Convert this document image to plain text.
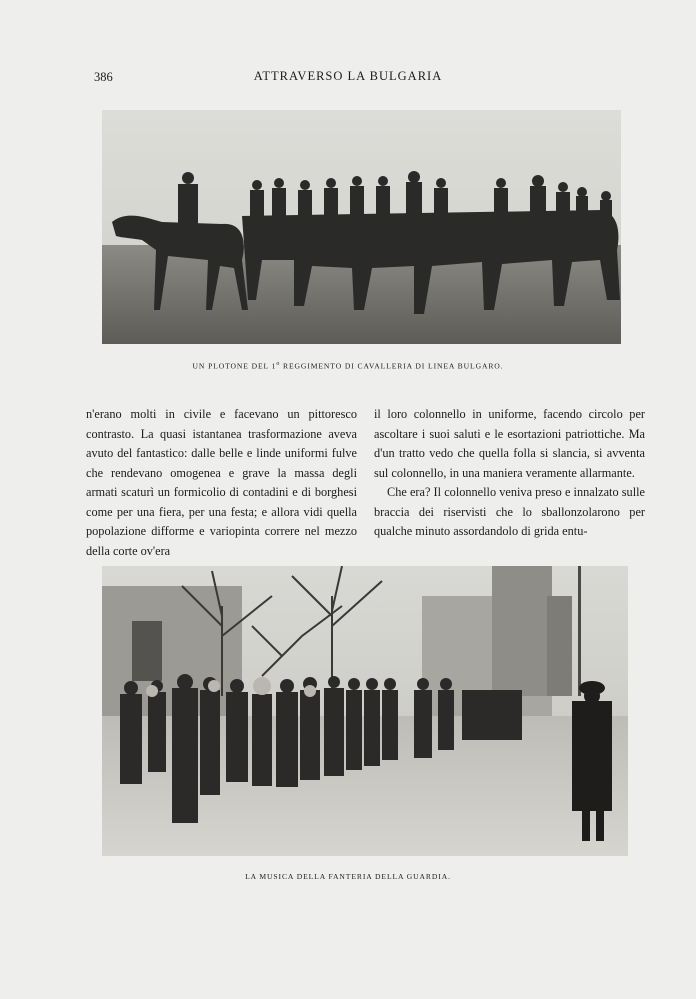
386	ATTRAVERSO LA BULGARIA
UN PLOTONE DEL 1$^o$ REGGIMENTO DI CAVALLERIA DI LINEA BULGARO.

n'erano molti in civile e facevano un pittoresco contrasto. La quasi istantanea trasformazione aveva avuto del fantastico: dalle belle e linde uniformi fulve che rendevano omogenea e grave la massa degli armati scaturì un formicolio di contadini e di borghesi come per una fiera, per una festa; e allora vidi quella popolazione difforme e variopinta correre nel mezzo della corte ov'era

il loro colonnello in uniforme, facendo circolo per ascoltare i suoi saluti e le esortazioni patriottiche. Ma d'un tratto vedo che quella folla si slancia, si avventa sul colonnello, in una maniera veramente allarmante.

Che era? Il colonnello veniva preso e innalzato sulle braccia dei riservisti che lo sballonzolarono per qualche minuto assordandolo di grida entu-

LA MUSICA DELLA FANTERIA DELLA GUARDIA.
